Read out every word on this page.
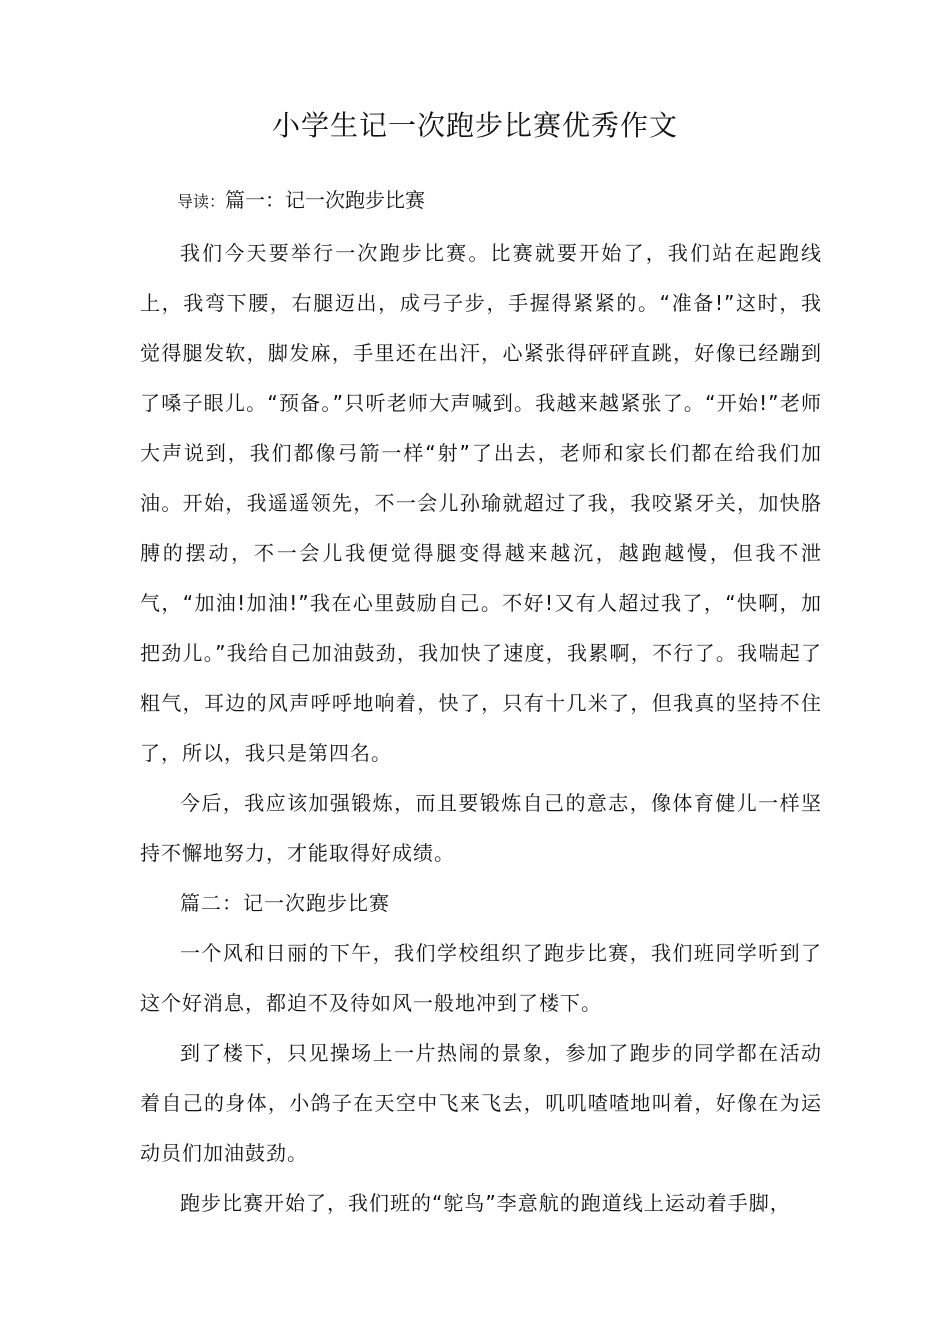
小学生记一次跑步比赛优秀作文
导读：篇一：记一次跑步比赛

我们今天要举行一次跑步比赛。比赛就要开始了，我们站在起跑线上，我弯下腰，右腿迈出，成弓子步，手握得紧紧的。“准备!”这时，我觉得腿发软，脚发麻，手里还在出汗，心紧张得砰砰直跳，好像已经蹦到了嗓子眼儿。“预备。”只听老师大声喊到。我越来越紧张了。“开始!”老师大声说到，我们都像弓箭一样“射”了出去，老师和家长们都在给我们加油。开始，我遥遥领先，不一会儿孙瑜就超过了我，我咬紧牙关，加快胳膊的摆动，不一会儿我便觉得腿变得越来越沉，越跑越慢，但我不泄气，“加油!加油!”我在心里鼓励自己。不好!又有人超过我了，“快啊，加把劲儿。”我给自己加油鼓劲，我加快了速度，我累啊，不行了。我喘起了粗气，耳边的风声呼呼地响着，快了，只有十几米了，但我真的坚持不住了，所以，我只是第四名。

今后，我应该加强锻炼，而且要锻炼自己的意志，像体育健儿一样坚持不懈地努力，才能取得好成绩。

篇二：记一次跑步比赛

一个风和日丽的下午，我们学校组织了跑步比赛，我们班同学听到了这个好消息，都迫不及待如风一般地冲到了楼下。

到了楼下，只见操场上一片热闹的景象，参加了跑步的同学都在活动着自己的身体，小鸽子在天空中飞来飞去，叽叽喳喳地叫着，好像在为运动员们加油鼓劲。

跑步比赛开始了，我们班的“鸵鸟”李意航的跑道线上运动着手脚，
